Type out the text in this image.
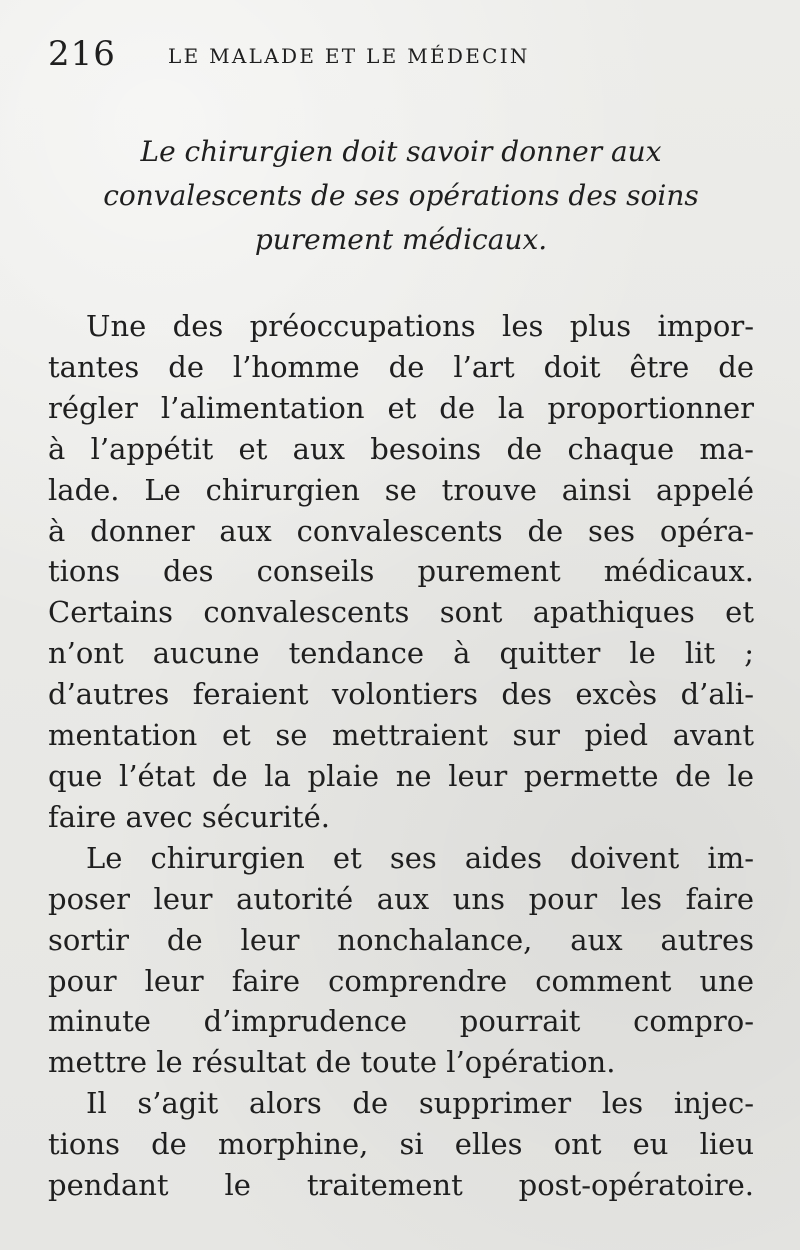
216	LE MALADE ET LE MÉDECIN
Le chirurgien doit savoir donner aux
convalescents de ses opérations des soins
purement médicaux.
Une des préoccupations les plus impor-
tantes de l’homme de l’art doit être de
régler l’alimentation et de la proportionner
à l’appétit et aux besoins de chaque ma-
lade. Le chirurgien se trouve ainsi appelé
à donner aux convalescents de ses opéra-
tions des conseils purement médicaux.
Certains convalescents sont apathiques et
n’ont aucune tendance à quitter le lit ;
d’autres feraient volontiers des excès d’ali-
mentation et se mettraient sur pied avant
que l’état de la plaie ne leur permette de le
faire avec sécurité.
Le chirurgien et ses aides doivent im-
poser leur autorité aux uns pour les faire
sortir de leur nonchalance, aux autres
pour leur faire comprendre comment une
minute d’imprudence pourrait compro-
mettre le résultat de toute l’opération.
Il s’agit alors de supprimer les injec-
tions de morphine, si elles ont eu lieu
pendant le traitement post-opératoire.
